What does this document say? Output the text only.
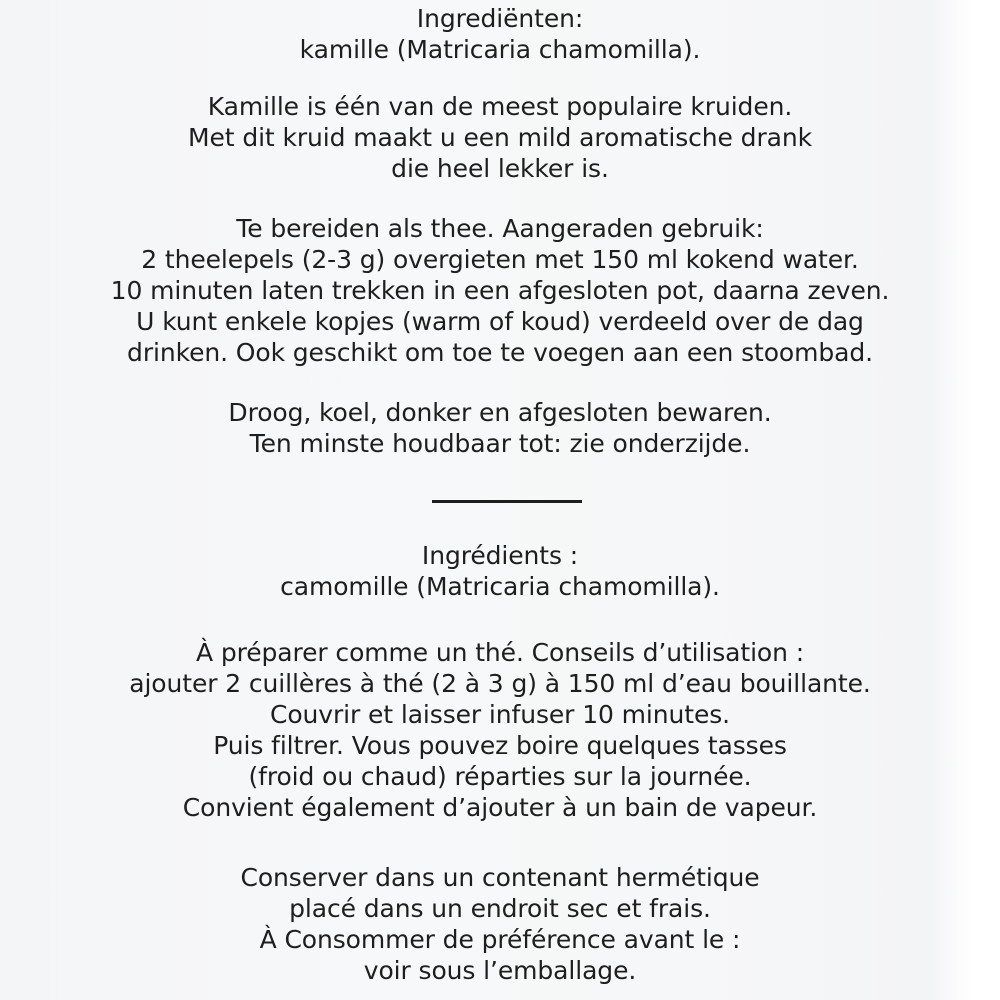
Ingrediënten:
kamille (Matricaria chamomilla).
Kamille is één van de meest populaire kruiden.
Met dit kruid maakt u een mild aromatische drank
die heel lekker is.
Te bereiden als thee. Aangeraden gebruik:
2 theelepels (2-3 g) overgieten met 150 ml kokend water.
10 minuten laten trekken in een afgesloten pot, daarna zeven.
U kunt enkele kopjes (warm of koud) verdeeld over de dag
drinken. Ook geschikt om toe te voegen aan een stoombad.
Droog, koel, donker en afgesloten bewaren.
Ten minste houdbaar tot: zie onderzijde.
Ingrédients :
camomille (Matricaria chamomilla).
À préparer comme un thé. Conseils d’utilisation :
ajouter 2 cuillères à thé (2 à 3 g) à 150 ml d’eau bouillante.
Couvrir et laisser infuser 10 minutes.
Puis filtrer. Vous pouvez boire quelques tasses
(froid ou chaud) réparties sur la journée.
Convient également d’ajouter à un bain de vapeur.
Conserver dans un contenant hermétique
placé dans un endroit sec et frais.
À Consommer de préférence avant le :
voir sous l’emballage.
